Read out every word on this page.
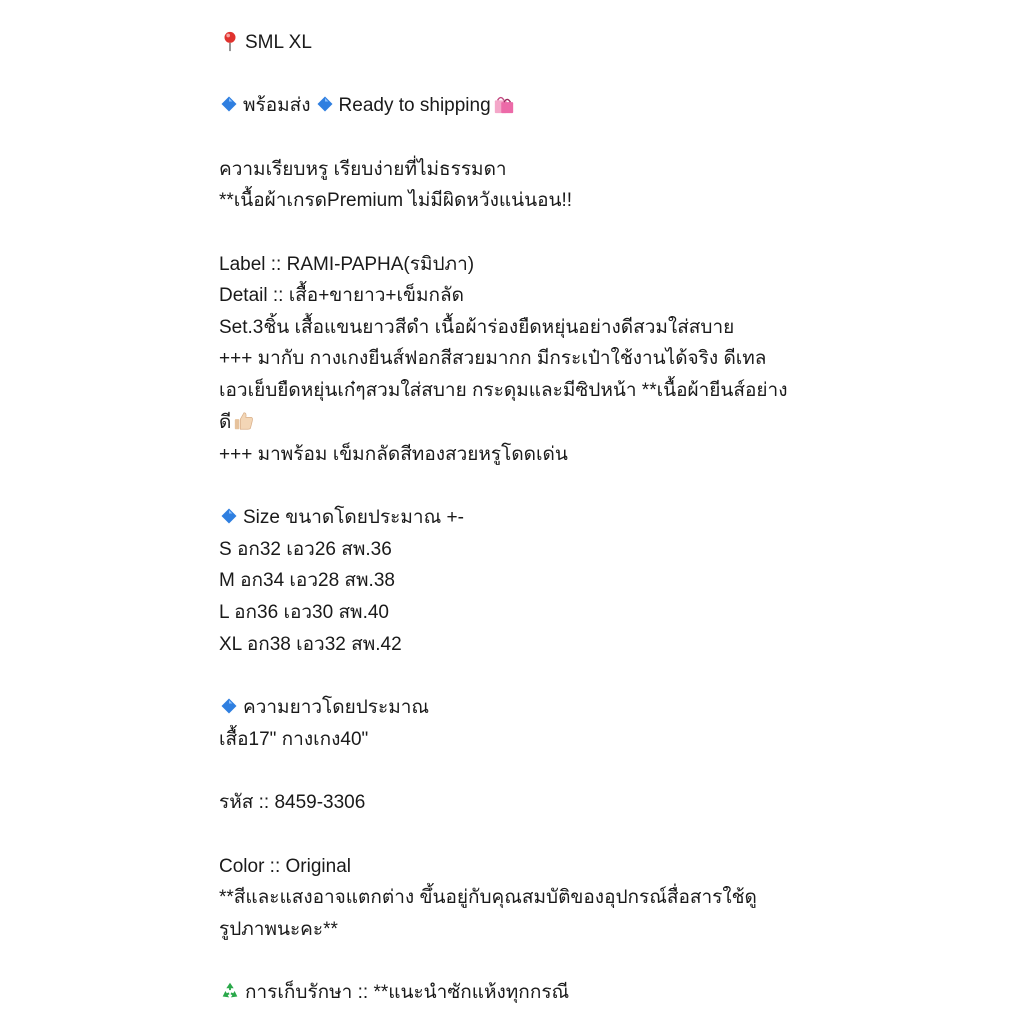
SML XL
พร้อมส่ง Ready to shipping
ความเรียบหรู เรียบง่ายที่ไม่ธรรมดา
**เนื้อผ้าเกรดPremium ไม่มีผิดหวังแน่นอน!!
Label :: RAMI-PAPHA(รมิปภา)
Detail :: เสื้อ+ขายาว+เข็มกลัด
Set.3ชิ้น เสื้อแขนยาวสีดำ เนื้อผ้าร่องยืดหยุ่นอย่างดีสวมใส่สบาย
+++ มากับ กางเกงยีนส์ฟอกสีสวยมากก มีกระเป๋าใช้งานได้จริง ดีเทล
เอวเย็บยืดหยุ่นเก๋ๆสวมใส่สบาย กระดุมและมีซิปหน้า **เนื้อผ้ายีนส์อย่าง
ดี
+++ มาพร้อม เข็มกลัดสีทองสวยหรูโดดเด่น
Size ขนาดโดยประมาณ +-
S อก32 เอว26 สพ.36
M อก34 เอว28 สพ.38
L อก36 เอว30 สพ.40
XL อก38 เอว32 สพ.42
ความยาวโดยประมาณ
เสื้อ17" กางเกง40"
รหัส :: 8459-3306
Color :: Original
**สีและแสงอาจแตกต่าง ขึ้นอยู่กับคุณสมบัติของอุปกรณ์สื่อสารใช้ดู
รูปภาพนะคะ**
การเก็บรักษา :: **แนะนำซักแห้งทุกกรณี
